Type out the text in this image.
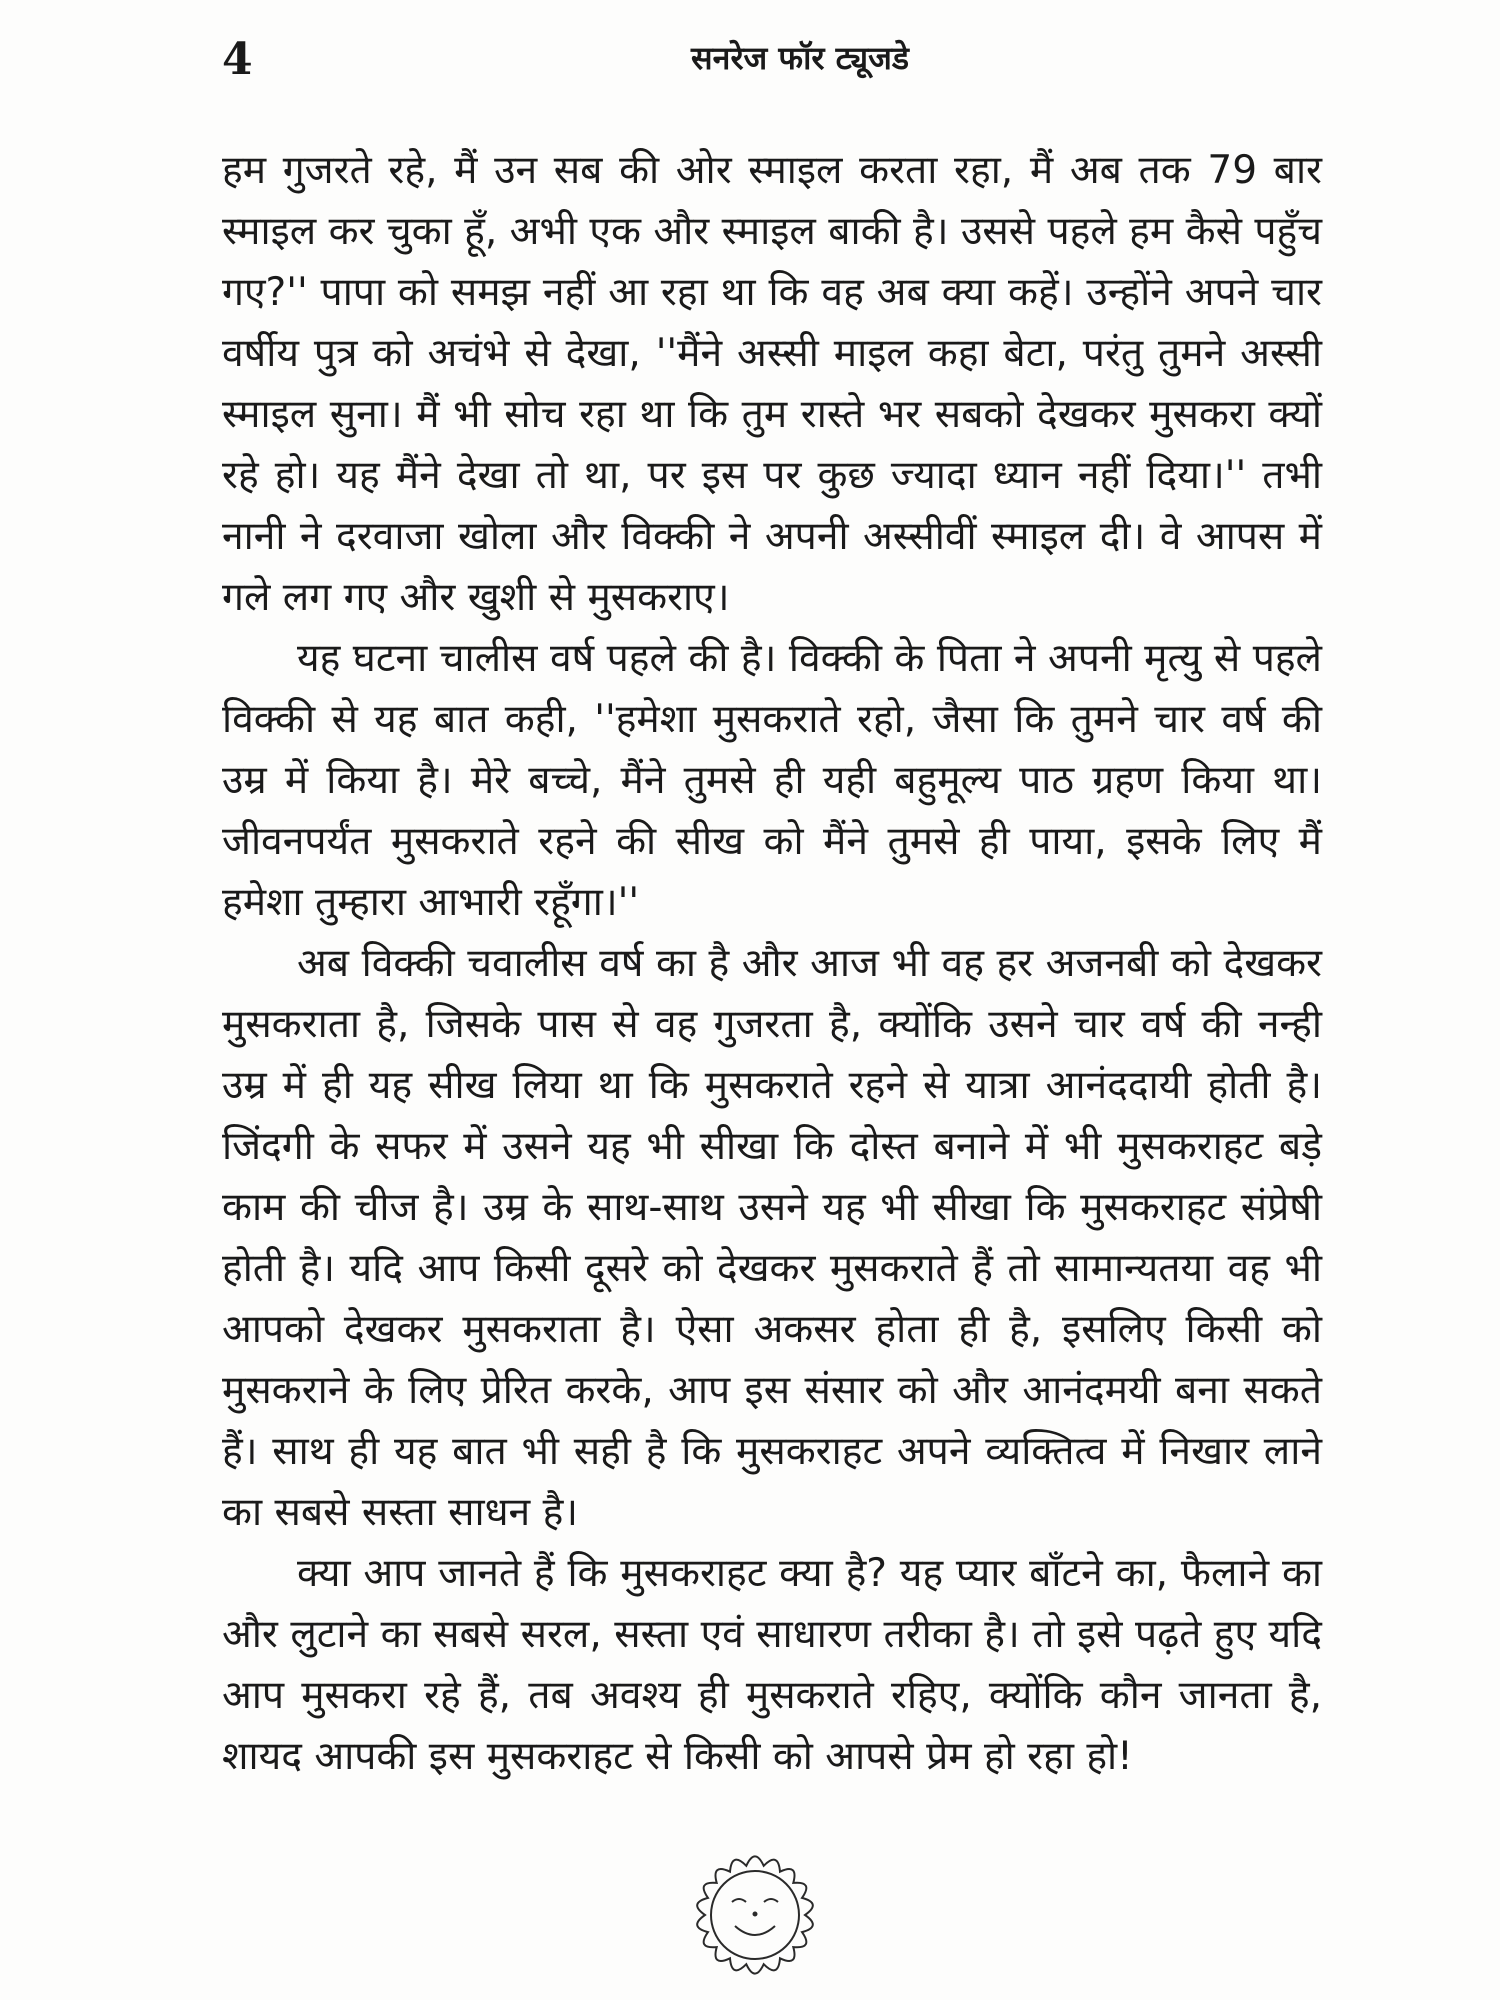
4	सनरेज फॉर ट्यूजडे

हम गुजरते रहे, मैं उन सब की ओर स्माइल करता रहा, मैं अब तक 79 बार स्माइल कर चुका हूँ, अभी एक और स्माइल बाकी है। उससे पहले हम कैसे पहुँच गए?'' पापा को समझ नहीं आ रहा था कि वह अब क्या कहें। उन्होंने अपने चार वर्षीय पुत्र को अचंभे से देखा, ''मैंने अस्सी माइल कहा बेटा, परंतु तुमने अस्सी स्माइल सुना। मैं भी सोच रहा था कि तुम रास्ते भर सबको देखकर मुसकरा क्यों रहे हो। यह मैंने देखा तो था, पर इस पर कुछ ज्यादा ध्यान नहीं दिया।'' तभी नानी ने दरवाजा खोला और विक्की ने अपनी अस्सीवीं स्माइल दी। वे आपस में गले लग गए और खुशी से मुसकराए।

यह घटना चालीस वर्ष पहले की है। विक्की के पिता ने अपनी मृत्यु से पहले विक्की से यह बात कही, ''हमेशा मुसकराते रहो, जैसा कि तुमने चार वर्ष की उम्र में किया है। मेरे बच्चे, मैंने तुमसे ही यही बहुमूल्य पाठ ग्रहण किया था। जीवनपर्यंत मुसकराते रहने की सीख को मैंने तुमसे ही पाया, इसके लिए मैं हमेशा तुम्हारा आभारी रहूँगा।''

अब विक्की चवालीस वर्ष का है और आज भी वह हर अजनबी को देखकर मुसकराता है, जिसके पास से वह गुजरता है, क्योंकि उसने चार वर्ष की नन्ही उम्र में ही यह सीख लिया था कि मुसकराते रहने से यात्रा आनंददायी होती है। जिंदगी के सफर में उसने यह भी सीखा कि दोस्त बनाने में भी मुसकराहट बड़े काम की चीज है। उम्र के साथ-साथ उसने यह भी सीखा कि मुसकराहट संप्रेषी होती है। यदि आप किसी दूसरे को देखकर मुसकराते हैं तो सामान्यतया वह भी आपको देखकर मुसकराता है। ऐसा अकसर होता ही है, इसलिए किसी को मुसकराने के लिए प्रेरित करके, आप इस संसार को और आनंदमयी बना सकते हैं। साथ ही यह बात भी सही है कि मुसकराहट अपने व्यक्तित्व में निखार लाने का सबसे सस्ता साधन है।

क्या आप जानते हैं कि मुसकराहट क्या है? यह प्यार बाँटने का, फैलाने का और लुटाने का सबसे सरल, सस्ता एवं साधारण तरीका है। तो इसे पढ़ते हुए यदि आप मुसकरा रहे हैं, तब अवश्य ही मुसकराते रहिए, क्योंकि कौन जानता है, शायद आपकी इस मुसकराहट से किसी को आपसे प्रेम हो रहा हो!
